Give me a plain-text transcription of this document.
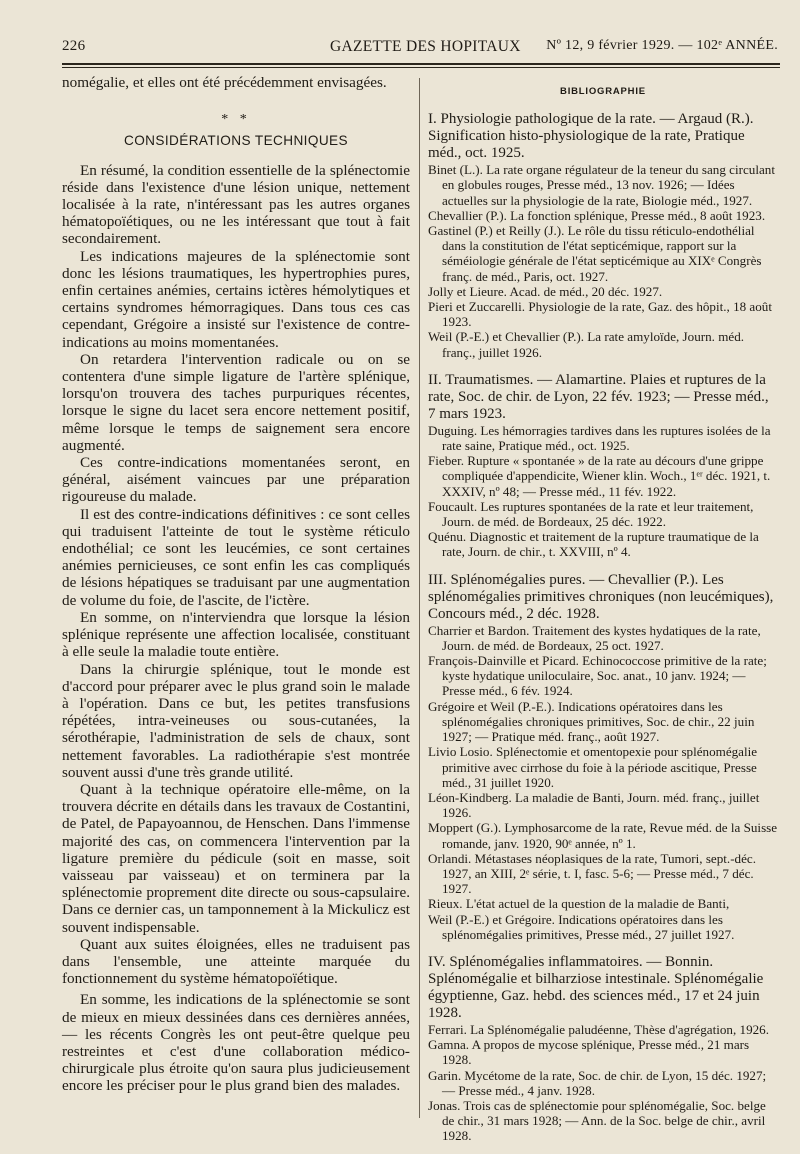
226	GAZETTE DES HOPITAUX Nº 12, 9 février 1929. — 102ᵉ ANNÉE.

nomégalie, et elles ont été précédemment envisagées.

* *
CONSIDÉRATIONS TECHNIQUES

En résumé, la condition essentielle de la splénectomie réside dans l'existence d'une lésion unique, nettement localisée à la rate, n'intéressant pas les autres organes hématopoïétiques, ou ne les intéressant que tout à fait secondairement.

Les indications majeures de la splénectomie sont donc les lésions traumatiques, les hypertrophies pures, enfin certaines anémies, certains ictères hémolytiques et certains syndromes hémorragiques. Dans tous ces cas cependant, Grégoire a insisté sur l'existence de contre-indications au moins momentanées.

On retardera l'intervention radicale ou on se contentera d'une simple ligature de l'artère splénique, lorsqu'on trouvera des taches purpuriques récentes, lorsque le signe du lacet sera encore nettement positif, même lorsque le temps de saignement sera encore augmenté.

Ces contre-indications momentanées seront, en général, aisément vaincues par une préparation rigoureuse du malade.

Il est des contre-indications définitives : ce sont celles qui traduisent l'atteinte de tout le système réticulo endothélial; ce sont les leucémies, ce sont certaines anémies pernicieuses, ce sont enfin les cas compliqués de lésions hépatiques se traduisant par une augmentation de volume du foie, de l'ascite, de l'ictère.

En somme, on n'interviendra que lorsque la lésion splénique représente une affection localisée, constituant à elle seule la maladie toute entière.

Dans la chirurgie splénique, tout le monde est d'accord pour préparer avec le plus grand soin le malade à l'opération. Dans ce but, les petites transfusions répétées, intra-veineuses ou sous-cutanées, la sérothérapie, l'administration de sels de chaux, sont nettement favorables. La radiothérapie s'est montrée souvent aussi d'une très grande utilité.

Quant à la technique opératoire elle-même, on la trouvera décrite en détails dans les travaux de Costantini, de Patel, de Papayoannou, de Henschen. Dans l'immense majorité des cas, on commencera l'intervention par la ligature première du pédicule (soit en masse, soit vaisseau par vaisseau) et on terminera par la splénectomie proprement dite directe ou sous-capsulaire. Dans ce dernier cas, un tamponnement à la Mickulicz est souvent indispensable.

Quant aux suites éloignées, elles ne traduisent pas dans l'ensemble, une atteinte marquée du fonctionnement du système hématopoïétique.

En somme, les indications de la splénectomie se sont de mieux en mieux dessinées dans ces dernières années, — les récents Congrès les ont peut-être quelque peu restreintes et c'est d'une collaboration médico-chirurgicale plus étroite qu'on saura plus judicieusement encore les préciser pour le plus grand bien des malades.

BIBLIOGRAPHIE

I. Physiologie pathologique de la rate. — Argaud (R.). Signification histo-physiologique de la rate, Pratique méd., oct. 1925.

Binet (L.). La rate organe régulateur de la teneur du sang circulant en globules rouges, Presse méd., 13 nov. 1926; — Idées actuelles sur la physiologie de la rate, Biologie méd., 1927.

Chevallier (P.). La fonction splénique, Presse méd., 8 août 1923.

Gastinel (P.) et Reilly (J.). Le rôle du tissu réticulo-endothélial dans la constitution de l'état septicémique, rapport sur la séméiologie générale de l'état septicémique au XIXᵉ Congrès franç. de méd., Paris, oct. 1927.

Jolly et Lieure. Acad. de méd., 20 déc. 1927.

Pieri et Zuccarelli. Physiologie de la rate, Gaz. des hôpit., 18 août 1923.

Weil (P.-E.) et Chevallier (P.). La rate amyloïde, Journ. méd. franç., juillet 1926.

II. Traumatismes. — Alamartine. Plaies et ruptures de la rate, Soc. de chir. de Lyon, 22 fév. 1923; — Presse méd., 7 mars 1923.

Duguing. Les hémorragies tardives dans les ruptures isolées de la rate saine, Pratique méd., oct. 1925.

Fieber. Rupture « spontanée » de la rate au décours d'une grippe compliquée d'appendicite, Wiener klin. Woch., 1ᵉʳ déc. 1921, t. XXXIV, nº 48; — Presse méd., 11 fév. 1922.

Foucault. Les ruptures spontanées de la rate et leur traitement, Journ. de méd. de Bordeaux, 25 déc. 1922.

Quénu. Diagnostic et traitement de la rupture traumatique de la rate, Journ. de chir., t. XXVIII, nº 4.

III. Splénomégalies pures. — Chevallier (P.). Les splénomégalies primitives chroniques (non leucémiques), Concours méd., 2 déc. 1928.

Charrier et Bardon. Traitement des kystes hydatiques de la rate, Journ. de méd. de Bordeaux, 25 oct. 1927.

François-Dainville et Picard. Echinococcose primitive de la rate; kyste hydatique uniloculaire, Soc. anat., 10 janv. 1924; — Presse méd., 6 fév. 1924.

Grégoire et Weil (P.-E.). Indications opératoires dans les splénomégalies chroniques primitives, Soc. de chir., 22 juin 1927; — Pratique méd. franç., août 1927.

Livio Losio. Splénectomie et omentopexie pour splénomégalie primitive avec cirrhose du foie à la période ascitique, Presse méd., 31 juillet 1920.

Léon-Kindberg. La maladie de Banti, Journ. méd. franç., juillet 1926.

Moppert (G.). Lymphosarcome de la rate, Revue méd. de la Suisse romande, janv. 1920, 90ᵉ année, nº 1.

Orlandi. Métastases néoplasiques de la rate, Tumori, sept.-déc. 1927, an XIII, 2ᵉ série, t. I, fasc. 5-6; — Presse méd., 7 déc. 1927.

Rieux. L'état actuel de la question de la maladie de Banti,

Weil (P.-E.) et Grégoire. Indications opératoires dans les splénomégalies primitives, Presse méd., 27 juillet 1927.

IV. Splénomégalies inflammatoires. — Bonnin. Splénomégalie et bilharziose intestinale. Splénomégalie égyptienne, Gaz. hebd. des sciences méd., 17 et 24 juin 1928.

Ferrari. La Splénomégalie paludéenne, Thèse d'agrégation, 1926.

Gamna. A propos de mycose splénique, Presse méd., 21 mars 1928.

Garin. Mycétome de la rate, Soc. de chir. de Lyon, 15 déc. 1927; — Presse méd., 4 janv. 1928.

Jonas. Trois cas de splénectomie pour splénomégalie, Soc. belge de chir., 31 mars 1928; — Ann. de la Soc. belge de chir., avril 1928.
